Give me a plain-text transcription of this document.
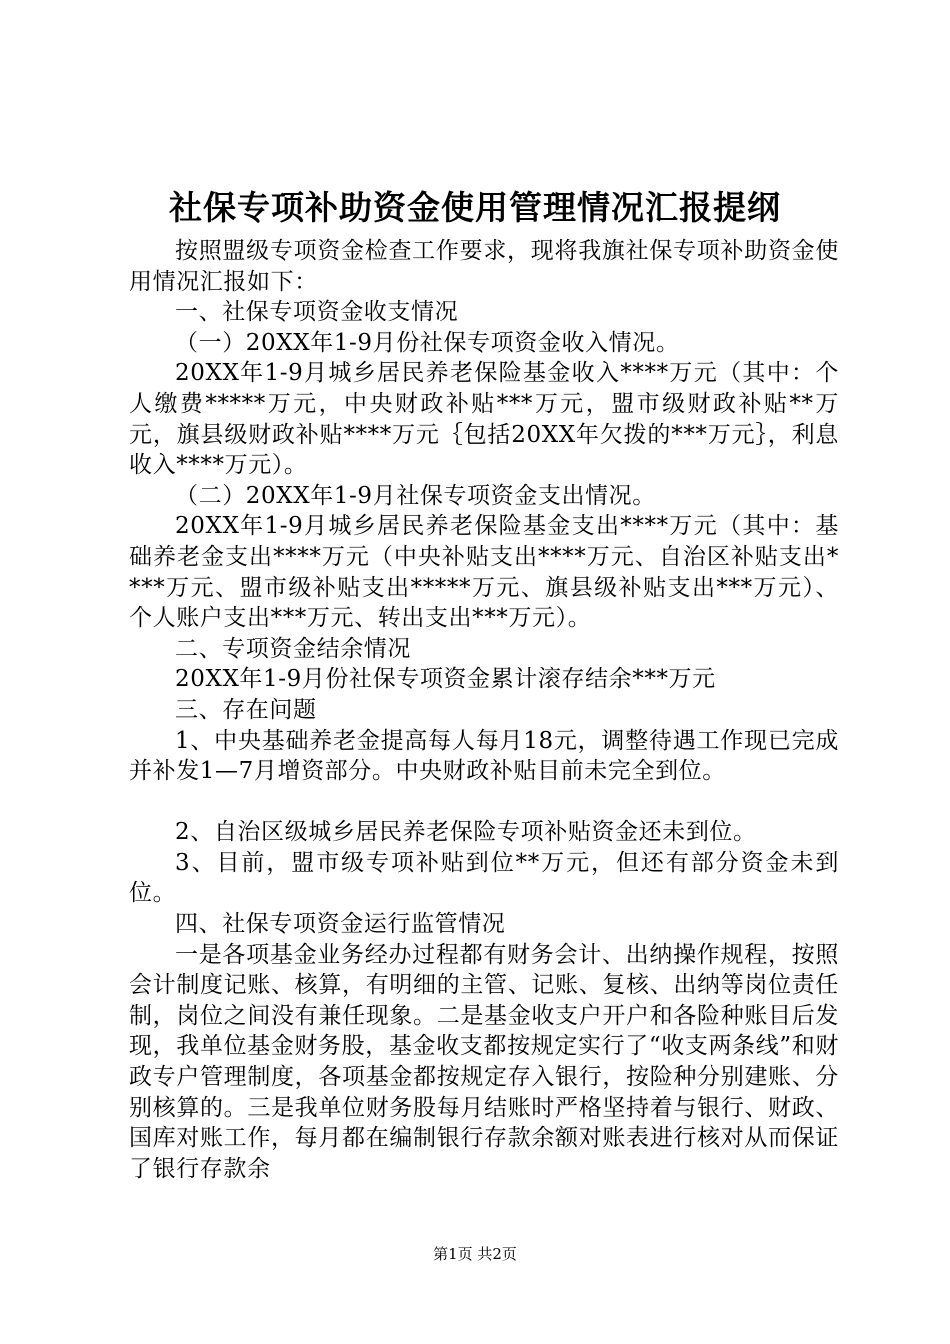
社保专项补助资金使用管理情况汇报提纲

按照盟级专项资金检查工作要求，现将我旗社保专项补助资金使用情况汇报如下：

一、社保专项资金收支情况

（一）20XX年1-9月份社保专项资金收入情况。

20XX年1-9月城乡居民养老保险基金收入****万元（其中：个人缴费*****万元，中央财政补贴***万元，盟市级财政补贴**万元，旗县级财政补贴****万元｛包括20XX年欠拨的***万元｝，利息收入****万元）。

（二）20XX年1-9月社保专项资金支出情况。

20XX年1-9月城乡居民养老保险基金支出****万元（其中：基础养老金支出****万元（中央补贴支出****万元、自治区补贴支出****万元、盟市级补贴支出*****万元、旗县级补贴支出***万元）、个人账户支出***万元、转出支出***万元）。

二、专项资金结余情况

20XX年1-9月份社保专项资金累计滚存结余***万元

三、存在问题

1、中央基础养老金提高每人每月18元，调整待遇工作现已完成并补发1—7月增资部分。中央财政补贴目前未完全到位。

2、自治区级城乡居民养老保险专项补贴资金还未到位。

3、目前，盟市级专项补贴到位**万元，但还有部分资金未到位。

四、社保专项资金运行监管情况

一是各项基金业务经办过程都有财务会计、出纳操作规程，按照会计制度记账、核算，有明细的主管、记账、复核、出纳等岗位责任制，岗位之间没有兼任现象。二是基金收支户开户和各险种账目后发现，我单位基金财务股，基金收支都按规定实行了“收支两条线”和财政专户管理制度，各项基金都按规定存入银行，按险种分别建账、分别核算的。三是我单位财务股每月结账时严格坚持着与银行、财政、国库对账工作，每月都在编制银行存款余额对账表进行核对从而保证了银行存款余

第1页 共2页
